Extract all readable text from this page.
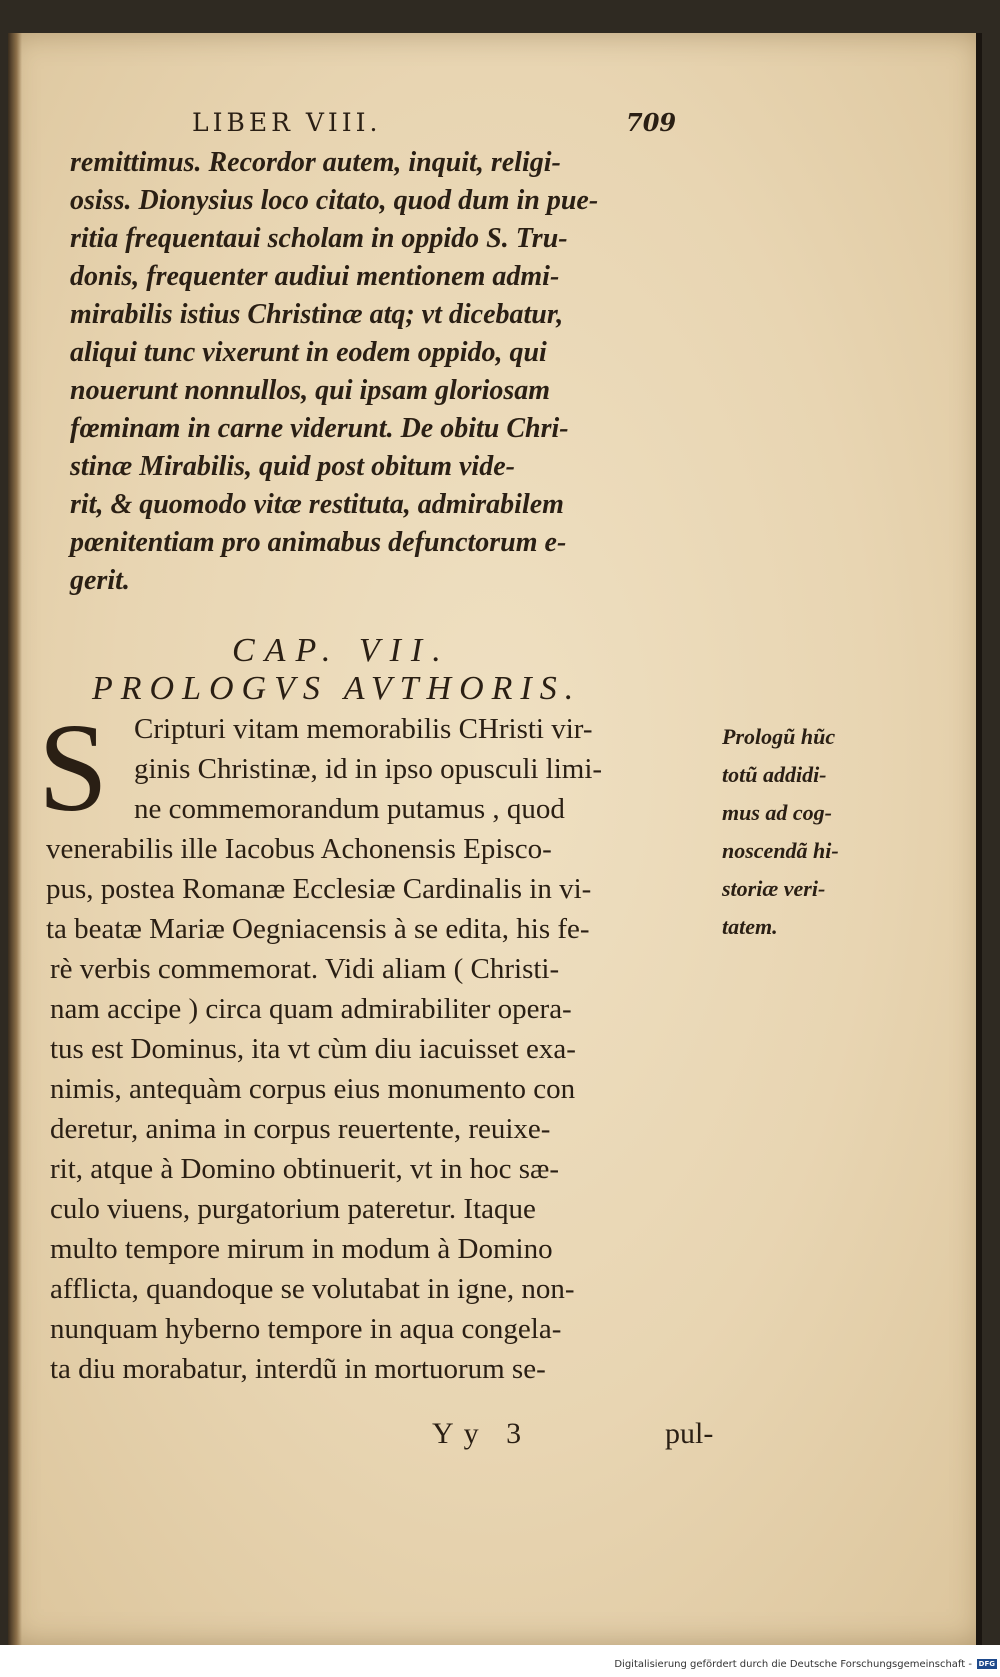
LIBER VIII.	709
remittimus. Recordor autem, inquit, religi-
osiss. Dionysius loco citato, quod dum in pue-
ritia frequentaui scholam in oppido S. Tru-
donis, frequenter audiui mentionem admi-
mirabilis istius Christinæ atq; vt dicebatur,
aliqui tunc vixerunt in eodem oppido, qui
nouerunt nonnullos, qui ipsam gloriosam
fœminam in carne viderunt. De obitu Chri-
stinæ Mirabilis, quid post obitum vide-
rit, & quomodo vitæ restituta, admirabilem
pœnitentiam pro animabus defunctorum e-
gerit.
CAP. VII.
PROLOGVS AVTHORIS.
S Cripturi vitam memorabilis CHristi vir-
ginis Christinæ, id in ipso opusculi limi-
ne commemorandum putamus , quod
venerabilis ille Iacobus Achonensis Episco-
pus, postea Romanæ Ecclesiæ Cardinalis in vi-
ta beatæ Mariæ Oegniacensis à se edita, his fe-
rè verbis commemorat. Vidi aliam ( Christi-
nam accipe ) circa quam admirabiliter opera-
tus est Dominus, ita vt cùm diu iacuisset exa-
nimis, antequàm corpus eius monumento con
deretur, anima in corpus reuertente, reuixe-
rit, atque à Domino obtinuerit, vt in hoc sæ-
culo viuens, purgatorium pateretur. Itaque
multo tempore mirum in modum à Domino
afflicta, quandoque se volutabat in igne, non-
nunquam hyberno tempore in aqua congela-
ta diu morabatur, interdũ in mortuorum se-
Prologũ hũc
totũ addidi-
mus ad cog-
noscendã hi-
storiæ veri-
tatem.
Yy 3	pul-
Digitalisierung gefördert durch die Deutsche Forschungsgemeinschaft - DFG
